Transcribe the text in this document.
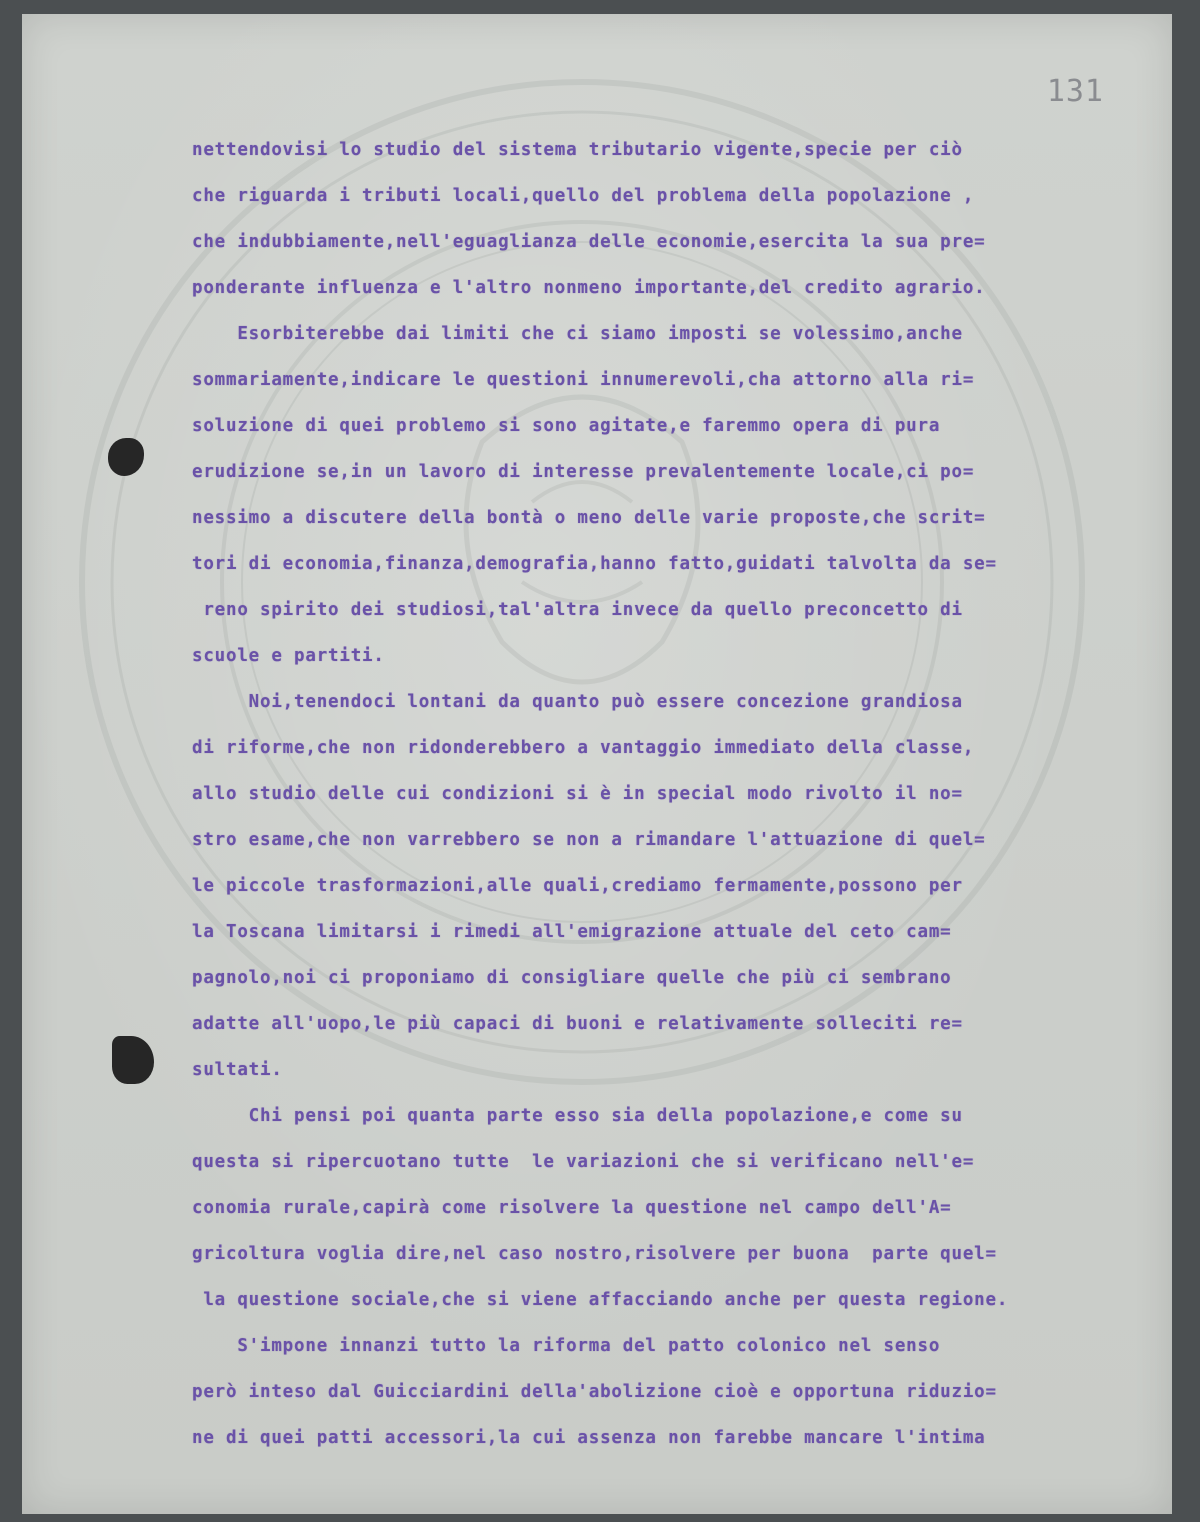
131
nettendovisi lo studio del sistema tributario vigente,specie per ciò
che riguarda i tributi locali,quello del problema della popolazione ,
che indubbiamente,nell'eguaglianza delle economie,esercita la sua pre=
ponderante influenza e l'altro nonmeno importante,del credito agrario.
Esorbiterebbe dai limiti che ci siamo imposti se volessimo,anche
sommariamente,indicare le questioni innumerevoli,cha attorno alla ri=
soluzione di quei problemo si sono agitate,e faremmo opera di pura
erudizione se,in un lavoro di interesse prevalentemente locale,ci po=
nessimo a discutere della bontà o meno delle varie proposte,che scrit=
tori di economia,finanza,demografia,hanno fatto,guidati talvolta da se=
reno spirito dei studiosi,tal'altra invece da quello preconcetto di
scuole e partiti.
Noi,tenendoci lontani da quanto può essere concezione grandiosa
di riforme,che non ridonderebbero a vantaggio immediato della classe,
allo studio delle cui condizioni si è in special modo rivolto il no=
stro esame,che non varrebbero se non a rimandare l'attuazione di quel=
le piccole trasformazioni,alle quali,crediamo fermamente,possono per
la Toscana limitarsi i rimedi all'emigrazione attuale del ceto cam=
pagnolo,noi ci proponiamo di consigliare quelle che più ci sembrano
adatte all'uopo,le più capaci di buoni e relativamente solleciti re=
sultati.
Chi pensi poi quanta parte esso sia della popolazione,e come su
questa si ripercuotano tutte  le variazioni che si verificano nell'e=
conomia rurale,capirà come risolvere la questione nel campo dell'A=
gricoltura voglia dire,nel caso nostro,risolvere per buona  parte quel=
la questione sociale,che si viene affacciando anche per questa regione.
S'impone innanzi tutto la riforma del patto colonico nel senso
però inteso dal Guicciardini della'abolizione cioè e opportuna riduzio=
ne di quei patti accessori,la cui assenza non farebbe mancare l'intima
